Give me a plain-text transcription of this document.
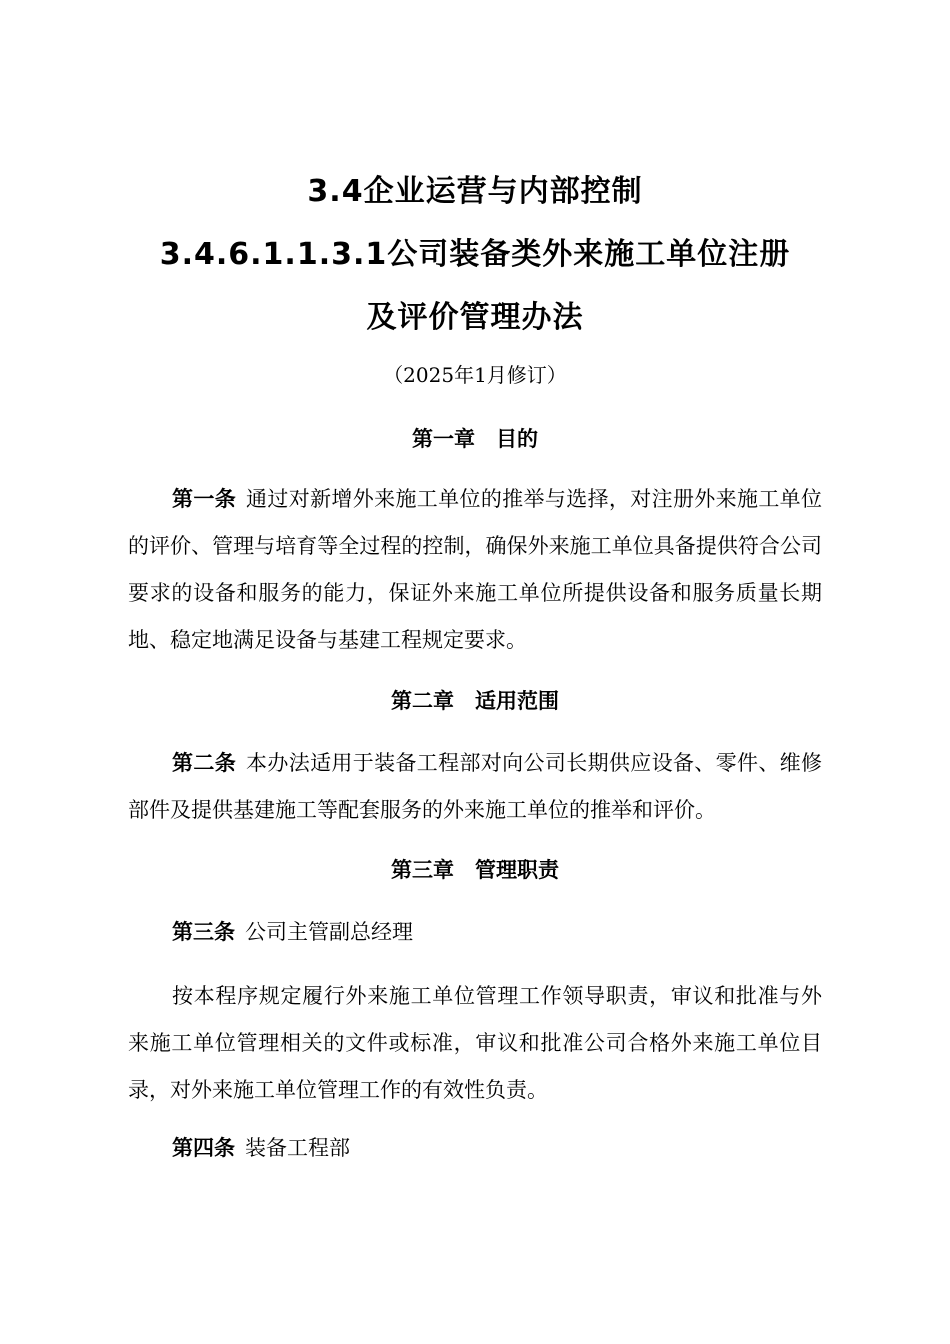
3.4企业运营与内部控制
3.4.6.1.1.3.1公司装备类外来施工单位注册
及评价管理办法
（2025年1月修订）
第一章　目的

第一条 通过对新增外来施工单位的推举与选择，对注册外来施工单位的评价、管理与培育等全过程的控制，确保外来施工单位具备提供符合公司要求的设备和服务的能力，保证外来施工单位所提供设备和服务质量长期地、稳定地满足设备与基建工程规定要求。

第二章　适用范围

第二条 本办法适用于装备工程部对向公司长期供应设备、零件、维修部件及提供基建施工等配套服务的外来施工单位的推举和评价。

第三章　管理职责

第三条 公司主管副总经理

按本程序规定履行外来施工单位管理工作领导职责，审议和批准与外来施工单位管理相关的文件或标准，审议和批准公司合格外来施工单位目录，对外来施工单位管理工作的有效性负责。

第四条 装备工程部
